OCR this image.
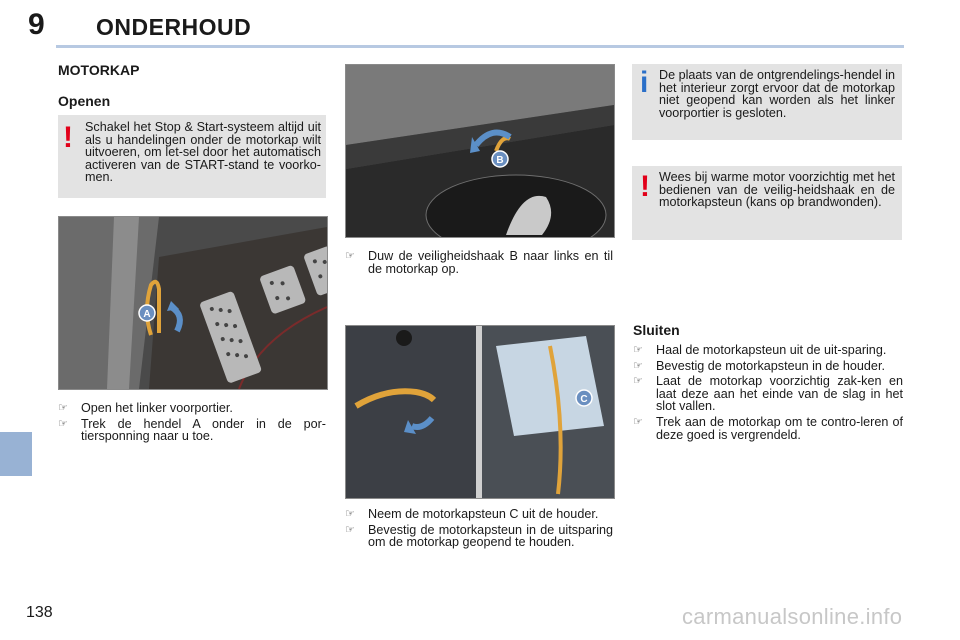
9 ONDERHOUD
MOTORKAP
Openen
! Schakel het Stop & Start-systeem altijd uit als u handelingen onder de motorkap wilt uitvoeren, om let-sel door het automatisch activeren van de START-stand te voorko-men.
A
☞ Open het linker voorportier.
☞ Trek de hendel A onder in de por-tiersponning naar u toe.
B
☞ Duw de veiligheidshaak B naar links en til de motorkap op.
C
☞ Neem de motorkapsteun C uit de houder.
☞ Bevestig de motorkapsteun in de uitsparing om de motorkap geopend te houden.
i De plaats van de ontgrendelings-hendel in het interieur zorgt ervoor dat de motorkap niet geopend kan worden als het linker voorportier is gesloten.
! Wees bij warme motor voorzichtig met het bedienen van de veilig-heidshaak en de motorkapsteun (kans op brandwonden).
Sluiten
☞ Haal de motorkapsteun uit de uit-sparing.
☞ Bevestig de motorkapsteun in de houder.
☞ Laat de motorkap voorzichtig zak-ken en laat deze aan het einde van de slag in het slot vallen.
☞ Trek aan de motorkap om te contro-leren of deze goed is vergrendeld.
138	carmanualsonline.info
